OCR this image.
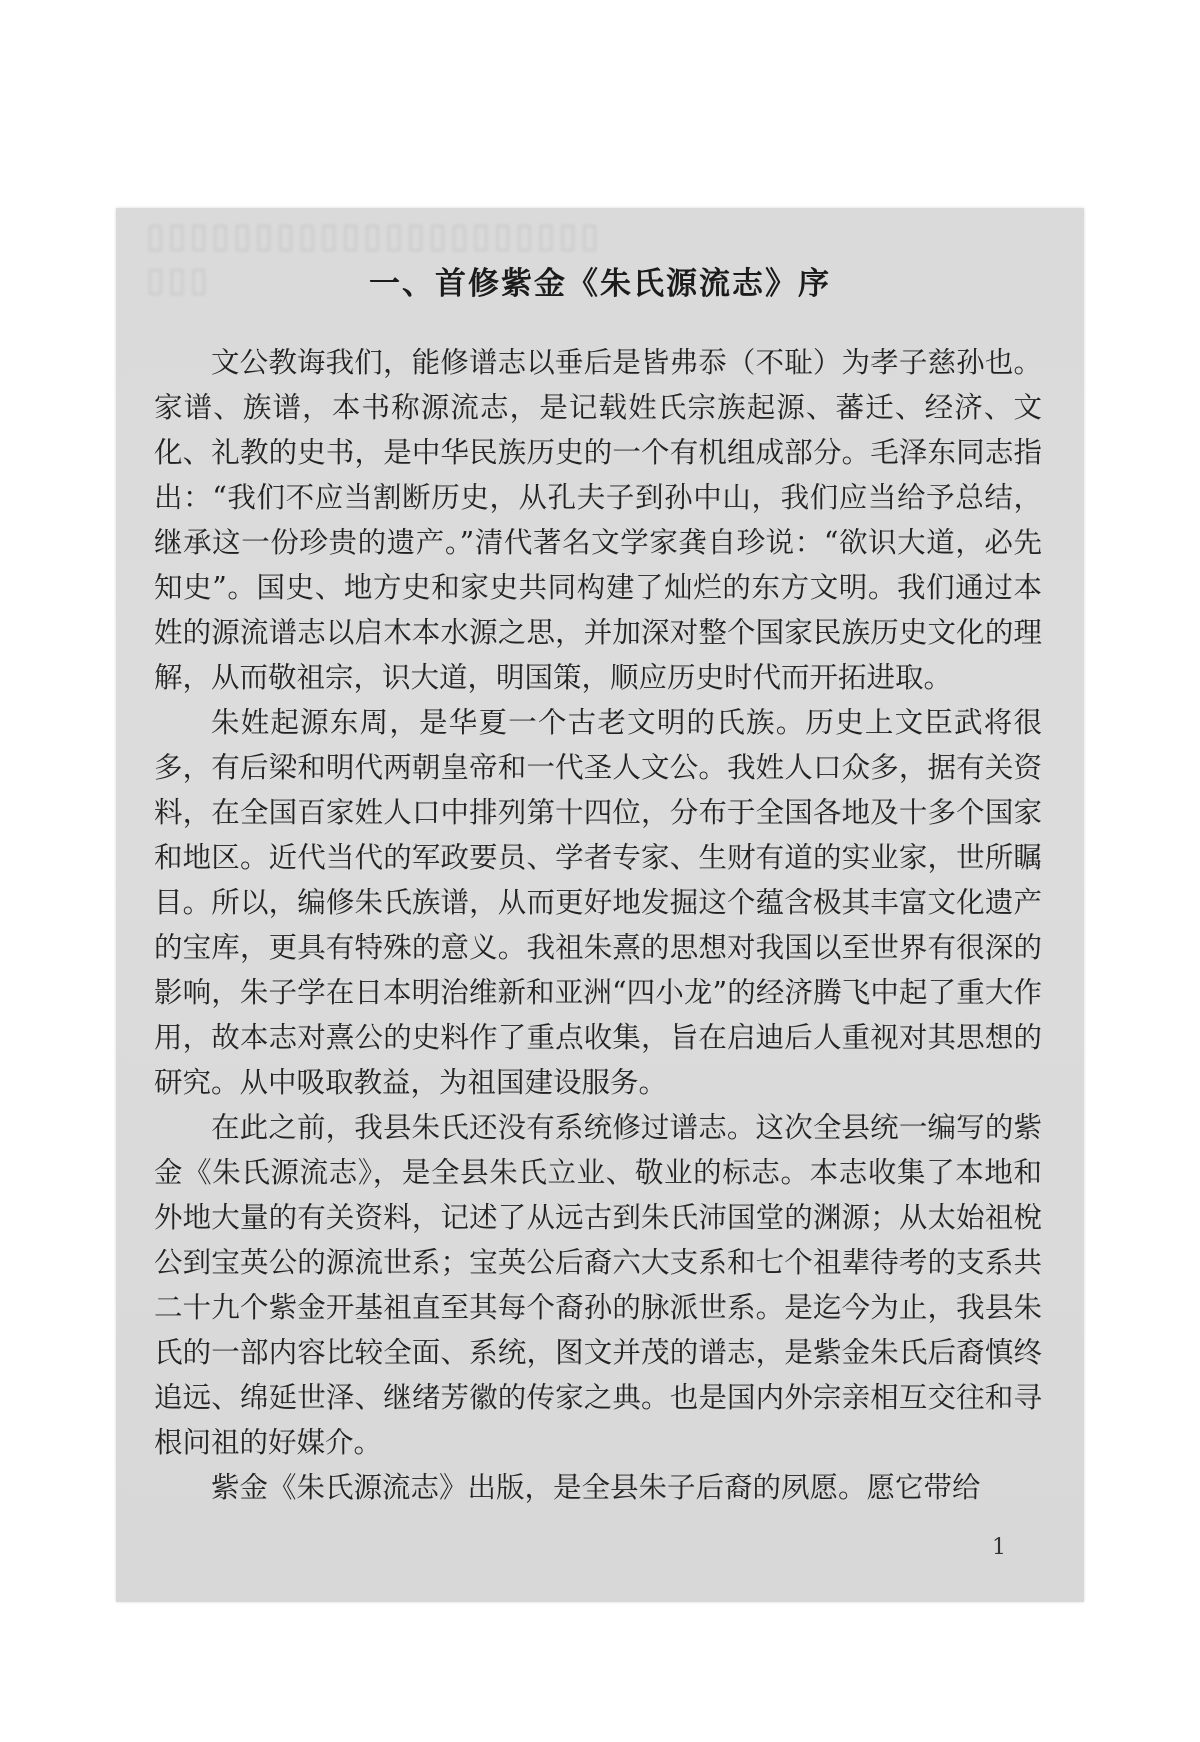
▯▯▯▯▯▯▯▯▯▯▯▯▯▯▯▯▯▯▯▯▯
▯▯▯	一、首修紫金《朱氏源流志》序

文公教诲我们，能修谱志以垂后是皆弗忝（不耻）为孝子慈孙也。家谱、族谱，本书称源流志，是记载姓氏宗族起源、蕃迁、经济、文化、礼教的史书，是中华民族历史的一个有机组成部分。毛泽东同志指出：“我们不应当割断历史，从孔夫子到孙中山，我们应当给予总结，继承这一份珍贵的遗产。”清代著名文学家龚自珍说：“欲识大道，必先知史”。国史、地方史和家史共同构建了灿烂的东方文明。我们通过本姓的源流谱志以启木本水源之思，并加深对整个国家民族历史文化的理解，从而敬祖宗，识大道，明国策，顺应历史时代而开拓进取。

朱姓起源东周，是华夏一个古老文明的氏族。历史上文臣武将很多，有后梁和明代两朝皇帝和一代圣人文公。我姓人口众多，据有关资料，在全国百家姓人口中排列第十四位，分布于全国各地及十多个国家和地区。近代当代的军政要员、学者专家、生财有道的实业家，世所瞩目。所以，编修朱氏族谱，从而更好地发掘这个蕴含极其丰富文化遗产的宝库，更具有特殊的意义。我祖朱熹的思想对我国以至世界有很深的影响，朱子学在日本明治维新和亚洲“四小龙”的经济腾飞中起了重大作用，故本志对熹公的史料作了重点收集，旨在启迪后人重视对其思想的研究。从中吸取教益，为祖国建设服务。

在此之前，我县朱氏还没有系统修过谱志。这次全县统一编写的紫金《朱氏源流志》，是全县朱氏立业、敬业的标志。本志收集了本地和外地大量的有关资料，记述了从远古到朱氏沛国堂的渊源；从太始祖梲公到宝英公的源流世系；宝英公后裔六大支系和七个祖辈待考的支系共二十九个紫金开基祖直至其每个裔孙的脉派世系。是迄今为止，我县朱氏的一部内容比较全面、系统，图文并茂的谱志，是紫金朱氏后裔慎终追远、绵延世泽、继绪芳徽的传家之典。也是国内外宗亲相互交往和寻根问祖的好媒介。

紫金《朱氏源流志》出版，是全县朱子后裔的夙愿。愿它带给

1
